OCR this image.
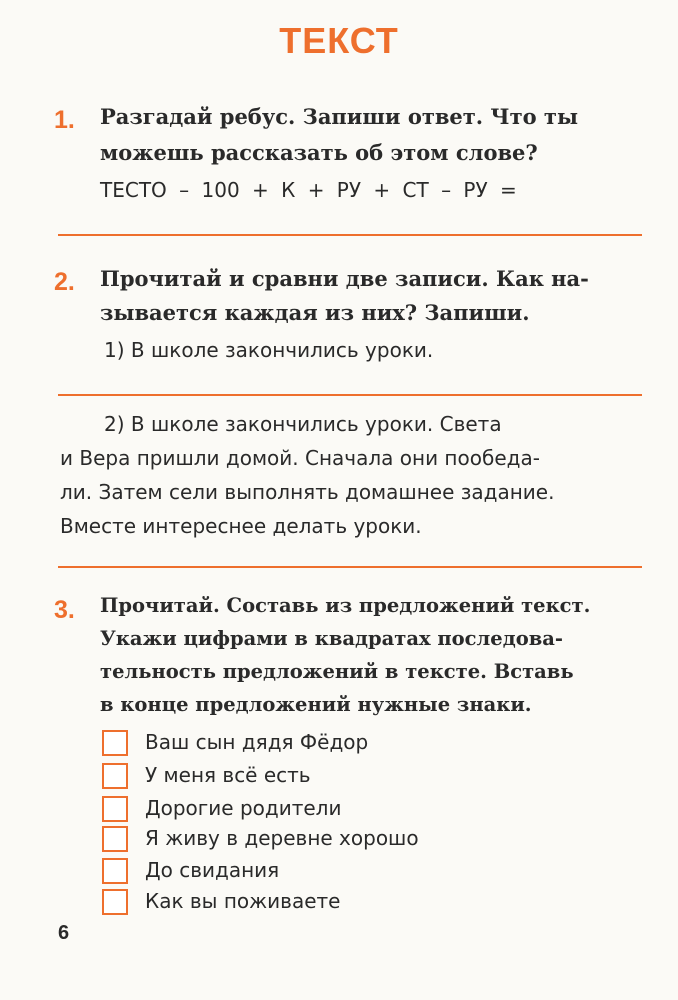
ТЕКСТ
1. Разгадай ребус. Запиши ответ. Что ты
можешь рассказать об этом слове?
ТЕСТО – 100 + К + РУ + СТ – РУ =
2. Прочитай и сравни две записи. Как на-
зывается каждая из них? Запиши.
1) В школе закончились уроки.
2) В школе закончились уроки. Света
и Вера пришли домой. Сначала они пообеда-
ли. Затем сели выполнять домашнее задание.
Вместе интереснее делать уроки.
3. Прочитай. Составь из предложений текст.
Укажи цифрами в квадратах последова-
тельность предложений в тексте. Вставь
в конце предложений нужные знаки.
Ваш сын дядя Фёдор
У меня всё есть
Дорогие родители
Я живу в деревне хорошо
До свидания
Как вы поживаете
6
